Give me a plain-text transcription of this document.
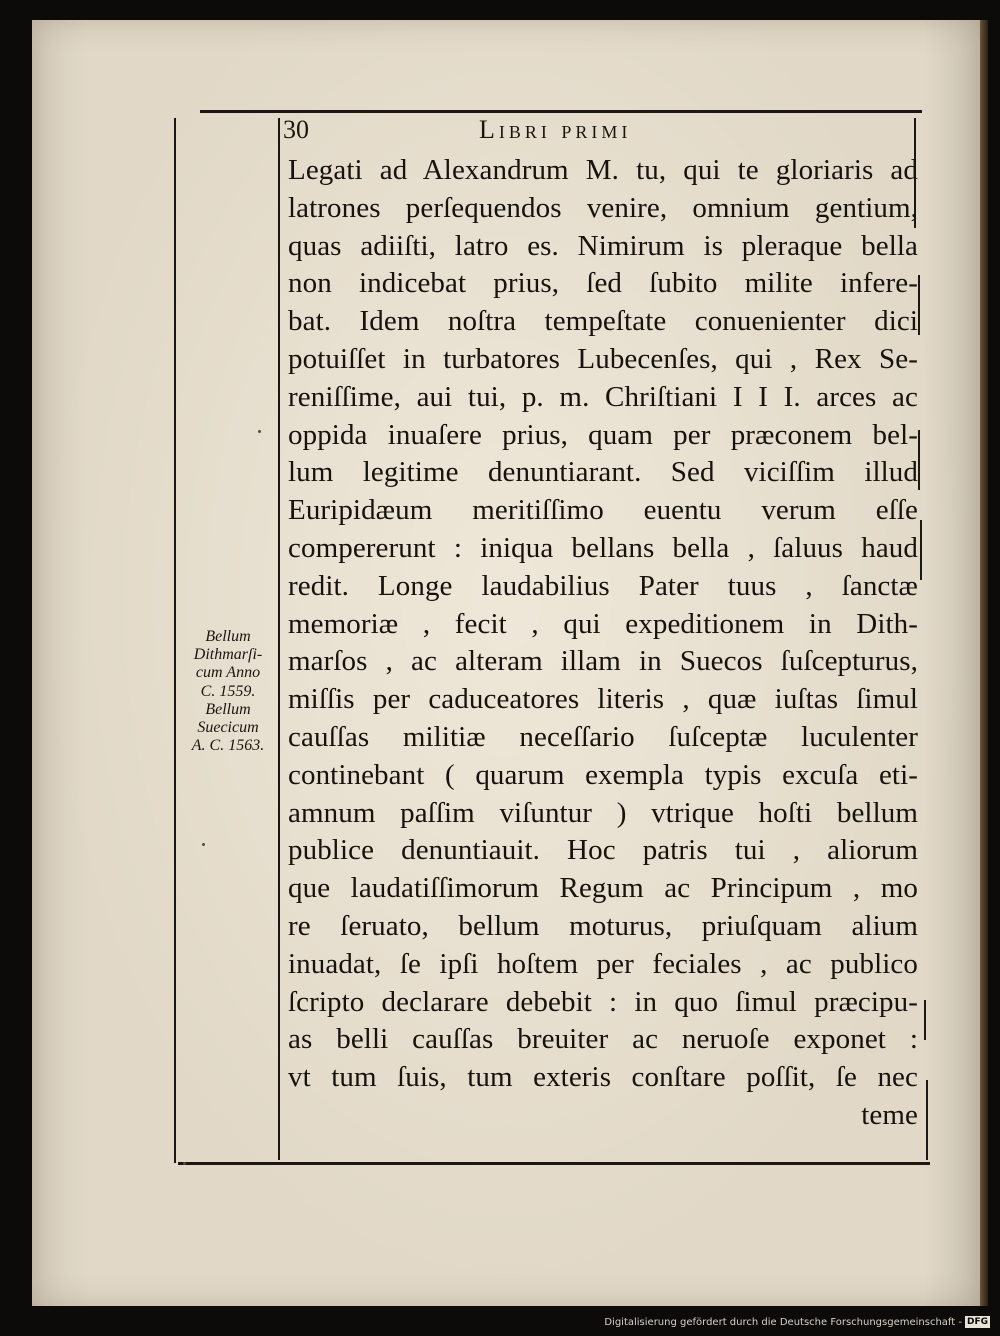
30	Libri primi
Legati ad Alexandrum M. tu, qui te gloriaris ad
latrones perſequendos venire, omnium gentium,
quas adiiſti, latro es. Nimirum is pleraque bella
non indicebat prius, ſed ſubito milite infere-
bat. Idem noſtra tempeſtate conuenienter dici
potuiſſet in turbatores Lubecenſes, qui , Rex Se-
reniſſime, aui tui, p. m. Chriſtiani I I I. arces ac
oppida inuaſere prius, quam per præconem bel-
lum legitime denuntiarant. Sed viciſſim illud
Euripidæum meritiſſimo euentu verum eſſe
compererunt : iniqua bellans bella , ſaluus haud
redit. Longe laudabilius Pater tuus , ſanctæ
memoriæ , fecit , qui expeditionem in Dith-
marſos , ac alteram illam in Suecos ſuſcepturus,
miſſis per caduceatores literis , quæ iuſtas ſimul
cauſſas militiæ neceſſario ſuſceptæ luculenter
continebant ( quarum exempla typis excuſa eti-
amnum paſſim viſuntur ) vtrique hoſti bellum
publice denuntiauit. Hoc patris tui , aliorum
que laudatiſſimorum Regum ac Principum , mo
re ſeruato, bellum moturus, priuſquam alium
inuadat, ſe ipſi hoſtem per feciales , ac publico
ſcripto declarare debebit : in quo ſimul præcipu-
as belli cauſſas breuiter ac neruoſe exponet :
vt tum ſuis, tum exteris conſtare poſſit, ſe nec
teme
Bellum
Dithmarſi-
cum Anno
C. 1559.
Bellum
Suecicum
A. C. 1563.
Digitalisierung gefördert durch die Deutsche Forschungsgemeinschaft - DFG
